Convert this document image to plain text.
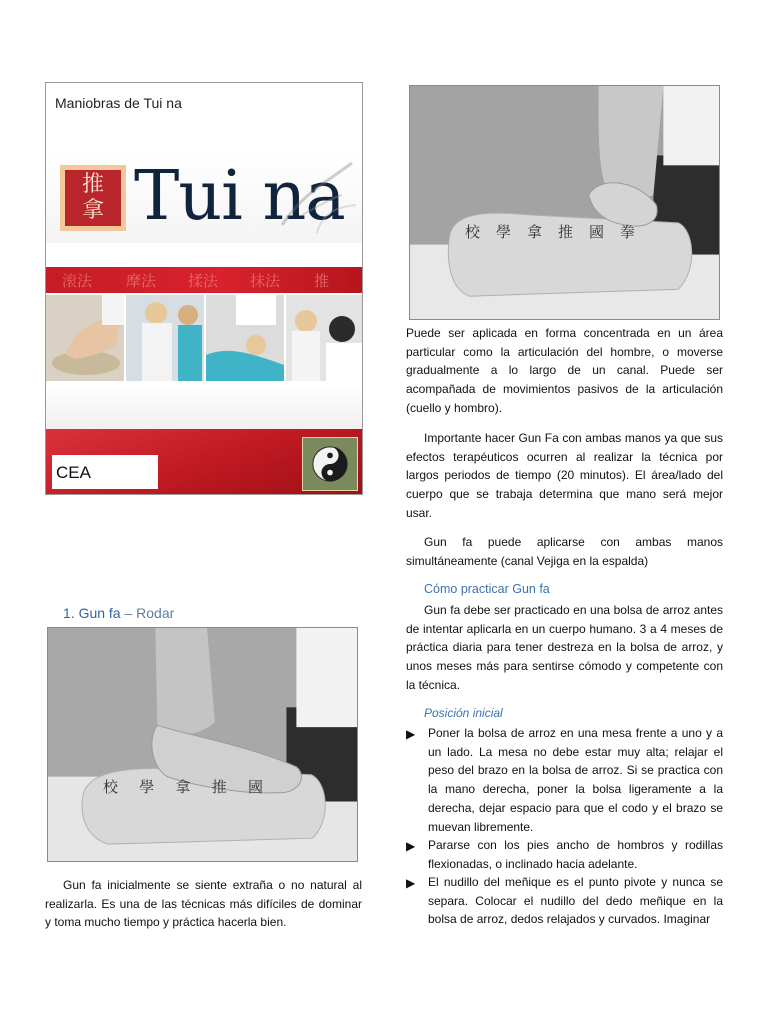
Maniobras de Tui na
推
拿 Tui na
滚法 摩法 揉法 抹法 推
CEA
校 學 拿 推 國 拳
Puede ser aplicada en forma concentrada en un área particular como la articulación del hombre, o moverse gradualmente a lo largo de un canal. Puede ser acompañada de movimientos pasivos de la articulación (cuello y hombro).
Importante hacer Gun Fa con ambas manos ya que sus efectos terapéuticos ocurren al realizar la técnica por largos periodos de tiempo (20 minutos). El área/lado del cuerpo que se trabaja determina que mano será mejor usar.
Gun fa puede aplicarse con ambas manos simultáneamente (canal Vejiga en la espalda)
Cómo practicar Gun fa
Gun fa debe ser practicado en una bolsa de arroz antes de intentar aplicarla en un cuerpo humano. 3 a 4 meses de práctica diaria para tener destreza en la bolsa de arroz, y unos meses más para sentirse cómodo y competente con la técnica.
Posición inicial
▶ Poner la bolsa de arroz en una mesa frente a uno y a un lado. La mesa no debe estar muy alta; relajar el peso del brazo en la bolsa de arroz. Si se practica con la mano derecha, poner la bolsa ligeramente a la derecha, dejar espacio para que el codo y el brazo se muevan libremente.
▶ Pararse con los pies ancho de hombros y rodillas flexionadas, o inclinado hacia adelante.
▶ El nudillo del meñique es el punto pivote y nunca se separa. Colocar el nudillo del dedo meñique en la bolsa de arroz, dedos relajados y curvados. Imaginar
1. Gun fa – Rodar
校 學 拿 推 國
Gun fa inicialmente se siente extraña o no natural al realizarla. Es una de las técnicas más difíciles de dominar y toma mucho tiempo y práctica hacerla bien.
